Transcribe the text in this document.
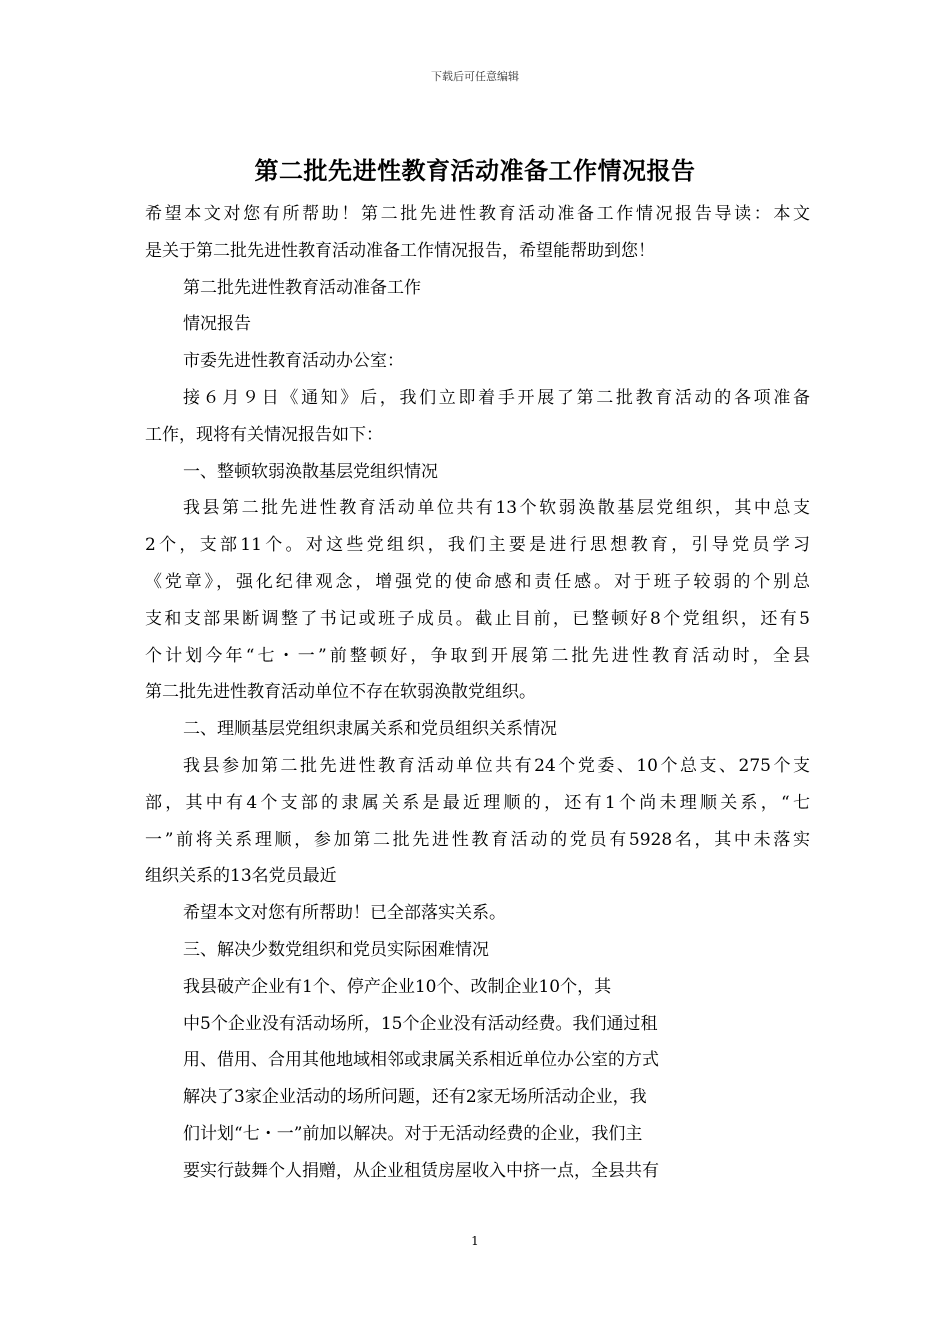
下载后可任意编辑
第二批先进性教育活动准备工作情况报告
希望本文对您有所帮助！第二批先进性教育活动准备工作情况报告导读：本文
是关于第二批先进性教育活动准备工作情况报告，希望能帮助到您！
第二批先进性教育活动准备工作
情况报告
市委先进性教育活动办公室：
接６月９日《通知》后，我们立即着手开展了第二批教育活动的各项准备
工作，现将有关情况报告如下：
一、整顿软弱涣散基层党组织情况
我县第二批先进性教育活动单位共有13个软弱涣散基层党组织，其中总支
2个，支部11个。对这些党组织，我们主要是进行思想教育，引导党员学习
《党章》，强化纪律观念，增强党的使命感和责任感。对于班子较弱的个别总
支和支部果断调整了书记或班子成员。截止目前，已整顿好8个党组织，还有5
个计划今年“七・一”前整顿好，争取到开展第二批先进性教育活动时，全县
第二批先进性教育活动单位不存在软弱涣散党组织。
二、理顺基层党组织隶属关系和党员组织关系情况
我县参加第二批先进性教育活动单位共有24个党委、10个总支、275个支
部，其中有4个支部的隶属关系是最近理顺的，还有1个尚未理顺关系，“七
一”前将关系理顺，参加第二批先进性教育活动的党员有5928名，其中未落实
组织关系的13名党员最近
希望本文对您有所帮助！已全部落实关系。
三、解决少数党组织和党员实际困难情况
我县破产企业有1个、停产企业10个、改制企业10个，其
中5个企业没有活动场所，15个企业没有活动经费。我们通过租
用、借用、合用其他地域相邻或隶属关系相近单位办公室的方式
解决了3家企业活动的场所问题，还有2家无场所活动企业，我
们计划“七・一”前加以解决。对于无活动经费的企业，我们主
要实行鼓舞个人捐赠，从企业租赁房屋收入中挤一点，全县共有
1
